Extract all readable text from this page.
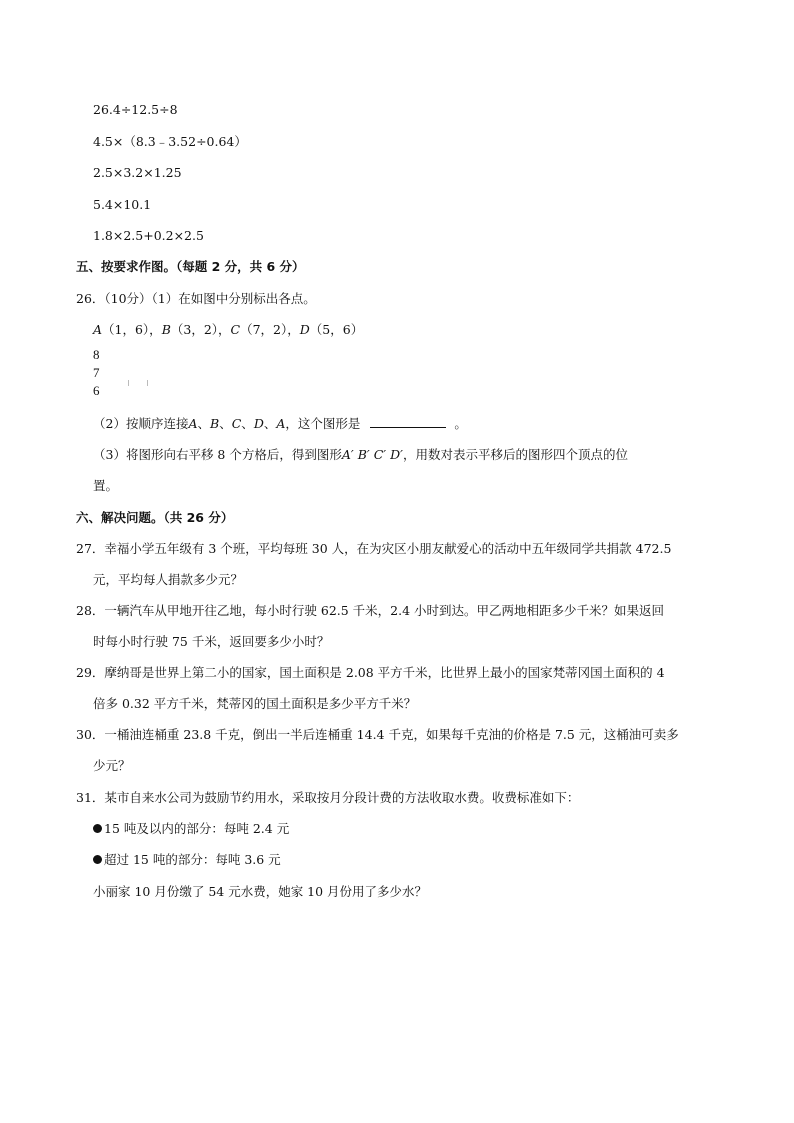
26.4÷12.5÷8
4.5×（8.3﹣3.52÷0.64）
2.5×3.2×1.25
5.4×10.1
1.8×2.5+0.2×2.5
五、按要求作图。（每题 2 分，共 6 分）
26．（10分）（1）在如图中分别标出各点。
A（1，6），B（3，2），C（7，2），D（5，6）
8
7
6
（2）按顺序连接A、B、C、D、A，这个图形是	。
（3）将图形向右平移 8 个方格后，得到图形A′ B′ C′ D′，用数对表示平移后的图形四个顶点的位
置。
六、解决问题。（共 26 分）
27．幸福小学五年级有 3 个班，平均每班 30 人，在为灾区小朋友献爱心的活动中五年级同学共捐款 472.5
元，平均每人捐款多少元？
28．一辆汽车从甲地开往乙地，每小时行驶 62.5 千米，2.4 小时到达。甲乙两地相距多少千米？如果返回
时每小时行驶 75 千米，返回要多少小时？
29．摩纳哥是世界上第二小的国家，国土面积是 2.08 平方千米，比世界上最小的国家梵蒂冈国土面积的 4
倍多 0.32 平方千米，梵蒂冈的国土面积是多少平方千米？
30．一桶油连桶重 23.8 千克，倒出一半后连桶重 14.4 千克，如果每千克油的价格是 7.5 元，这桶油可卖多
少元？
31．某市自来水公司为鼓励节约用水，采取按月分段计费的方法收取水费。收费标准如下：
15 吨及以内的部分：每吨 2.4 元
超过 15 吨的部分：每吨 3.6 元
小丽家 10 月份缴了 54 元水费，她家 10 月份用了多少水？
